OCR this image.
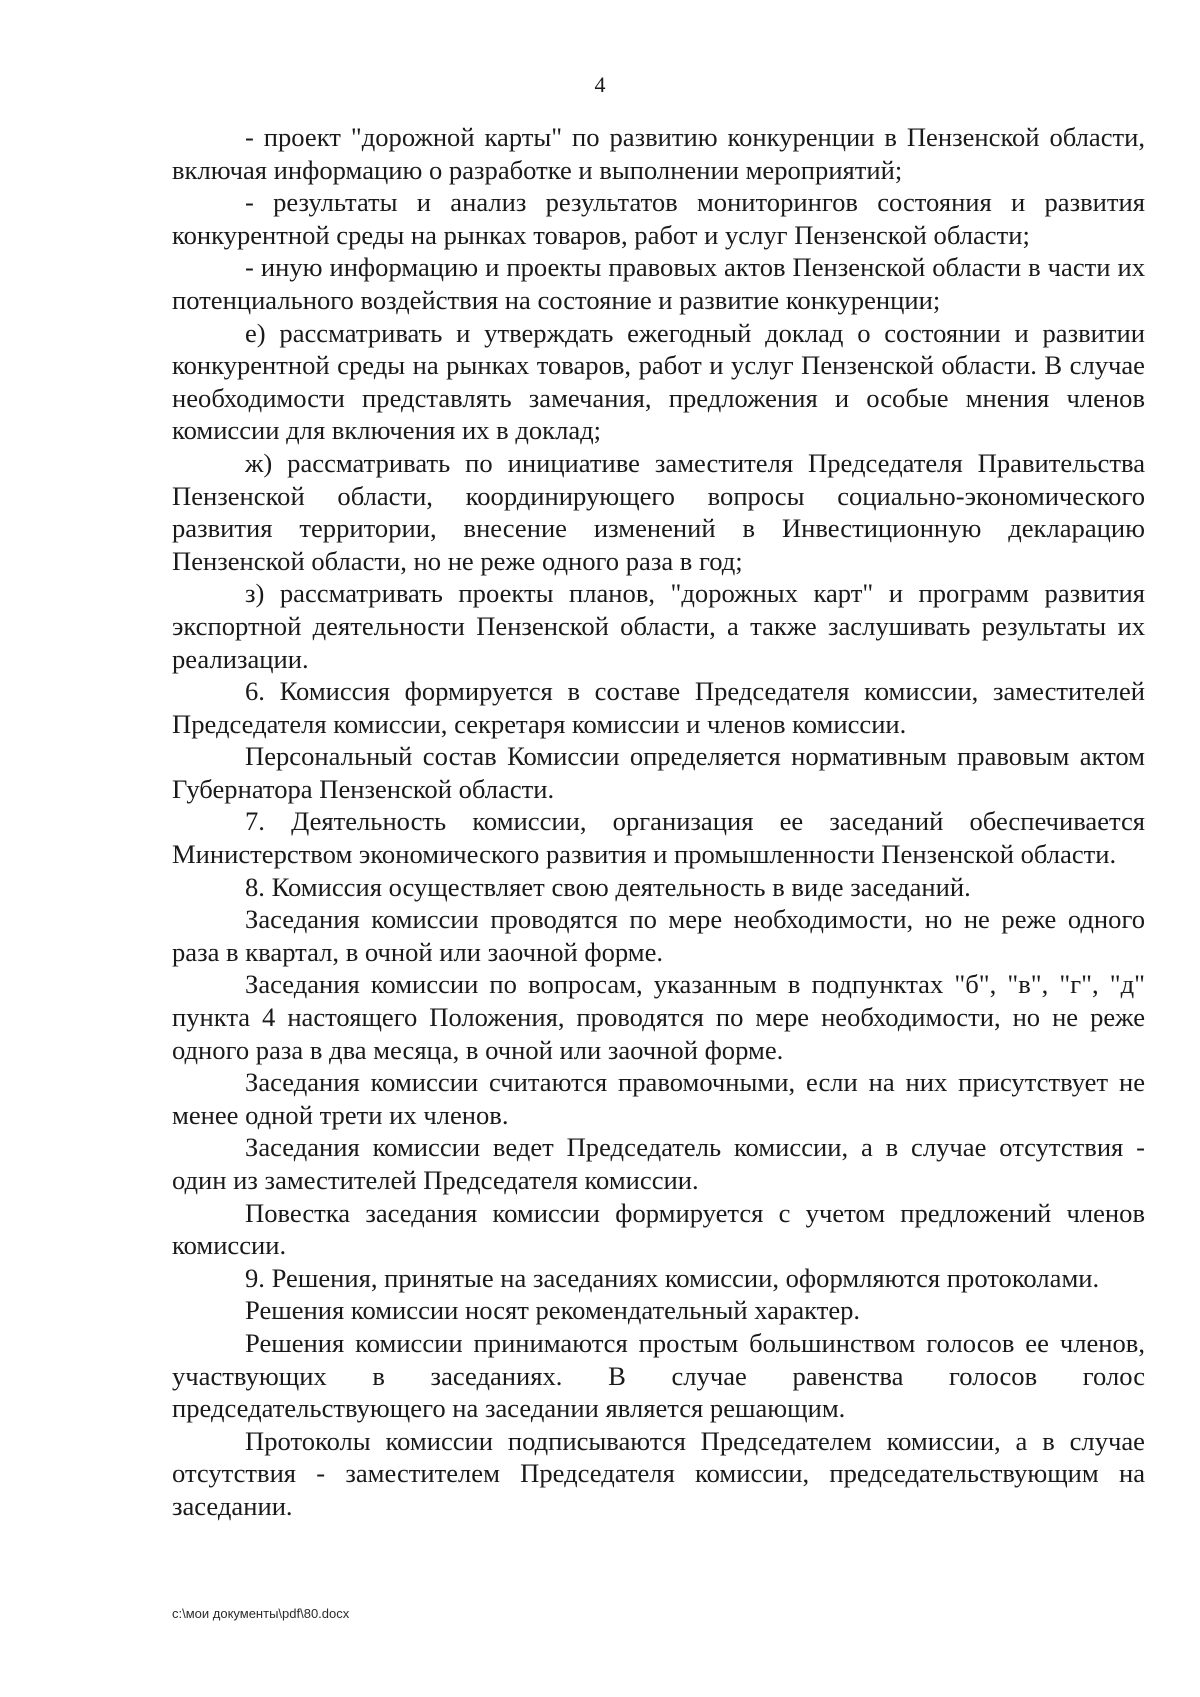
4

- проект "дорожной карты" по развитию конкуренции в Пензенской области, включая информацию о разработке и выполнении мероприятий;

- результаты и анализ результатов мониторингов состояния и развития конкурентной среды на рынках товаров, работ и услуг Пензенской области;

- иную информацию и проекты правовых актов Пензенской области в части их потенциального воздействия на состояние и развитие конкуренции;

е) рассматривать и утверждать ежегодный доклад о состоянии и развитии конкурентной среды на рынках товаров, работ и услуг Пензенской области. В случае необходимости представлять замечания, предложения и особые мнения членов комиссии для включения их в доклад;

ж) рассматривать по инициативе заместителя Председателя Правительства Пензенской области, координирующего вопросы социально-экономического развития территории, внесение изменений в Инвестиционную декларацию Пензенской области, но не реже одного раза в год;

з) рассматривать проекты планов, "дорожных карт" и программ развития экспортной деятельности Пензенской области, а также заслушивать результаты их реализации.

6. Комиссия формируется в составе Председателя комиссии, заместителей Председателя комиссии, секретаря комиссии и членов комиссии.

Персональный состав Комиссии определяется нормативным правовым актом Губернатора Пензенской области.

7. Деятельность комиссии, организация ее заседаний обеспечивается Министерством экономического развития и промышленности Пензенской области.

8. Комиссия осуществляет свою деятельность в виде заседаний.

Заседания комиссии проводятся по мере необходимости, но не реже одного раза в квартал, в очной или заочной форме.

Заседания комиссии по вопросам, указанным в подпунктах "б", "в", "г", "д" пункта 4 настоящего Положения, проводятся по мере необходимости, но не реже одного раза в два месяца, в очной или заочной форме.

Заседания комиссии считаются правомочными, если на них присутствует не менее одной трети их членов.

Заседания комиссии ведет Председатель комиссии, а в случае отсутствия - один из заместителей Председателя комиссии.

Повестка заседания комиссии формируется с учетом предложений членов комиссии.

9. Решения, принятые на заседаниях комиссии, оформляются протоколами.

Решения комиссии носят рекомендательный характер.

Решения комиссии принимаются простым большинством голосов ее членов, участвующих в заседаниях. В случае равенства голосов голос председательствующего на заседании является решающим.

Протоколы комиссии подписываются Председателем комиссии, а в случае отсутствия - заместителем Председателя комиссии, председательствующим на заседании.

c:\мои документы\pdf\80.docx
